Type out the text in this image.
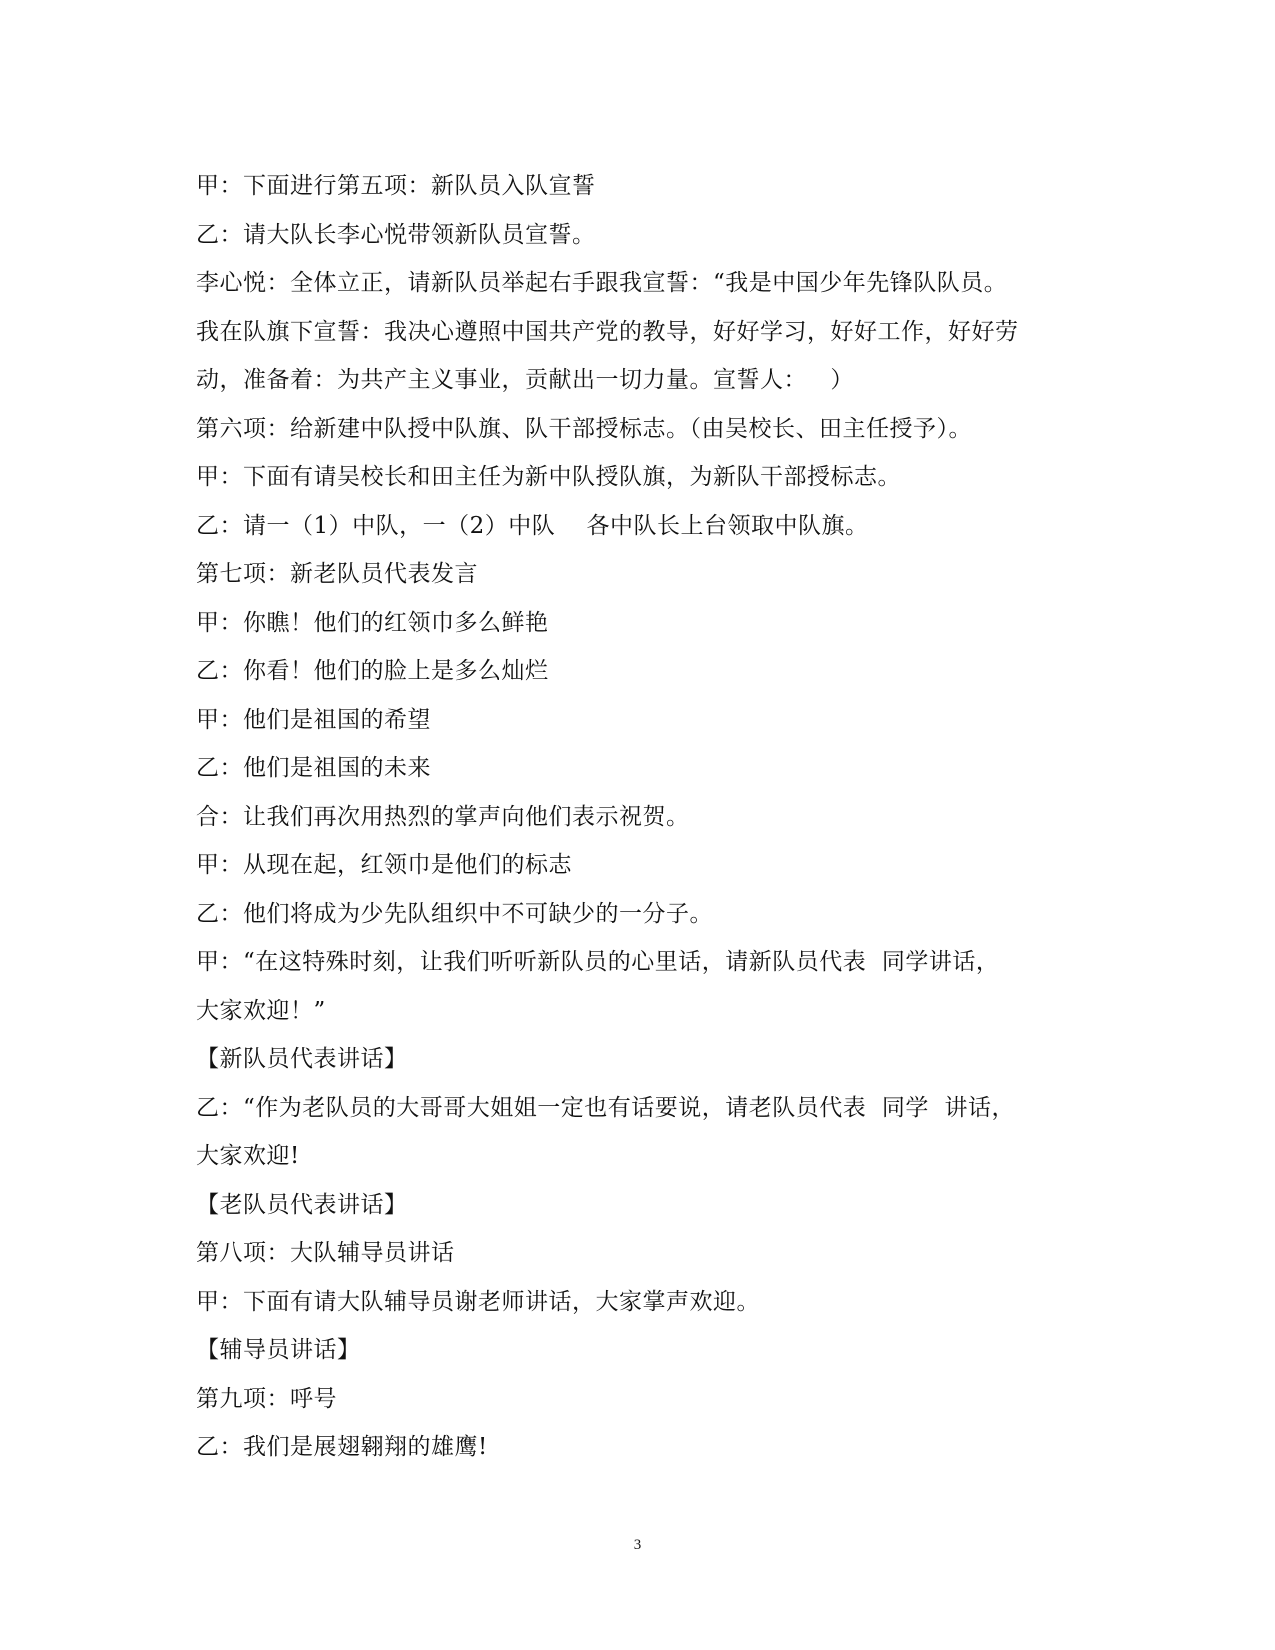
甲：下面进行第五项：新队员入队宣誓
乙：请大队长李心悦带领新队员宣誓。
李心悦：全体立正，请新队员举起右手跟我宣誓：“我是中国少年先锋队队员。
我在队旗下宣誓：我决心遵照中国共产党的教导，好好学习，好好工作，好好劳
动，准备着：为共产主义事业，贡献出一切力量。宣誓人：   ）
第六项：给新建中队授中队旗、队干部授标志。（由吴校长、田主任授予）。
甲：下面有请吴校长和田主任为新中队授队旗，为新队干部授标志。
乙：请一（1）中队，一（2）中队    各中队长上台领取中队旗。
第七项：新老队员代表发言
甲：你瞧！他们的红领巾多么鲜艳
乙：你看！他们的脸上是多么灿烂
甲：他们是祖国的希望
乙：他们是祖国的未来
合：让我们再次用热烈的掌声向他们表示祝贺。
甲：从现在起，红领巾是他们的标志
乙：他们将成为少先队组织中不可缺少的一分子。
甲：“在这特殊时刻，让我们听听新队员的心里话，请新队员代表  同学讲话，
大家欢迎！”
【新队员代表讲话】
乙：“作为老队员的大哥哥大姐姐一定也有话要说，请老队员代表  同学  讲话，
大家欢迎!
【老队员代表讲话】
第八项：大队辅导员讲话
甲：下面有请大队辅导员谢老师讲话，大家掌声欢迎。
【辅导员讲话】
第九项：呼号
乙：我们是展翅翱翔的雄鹰!
3
